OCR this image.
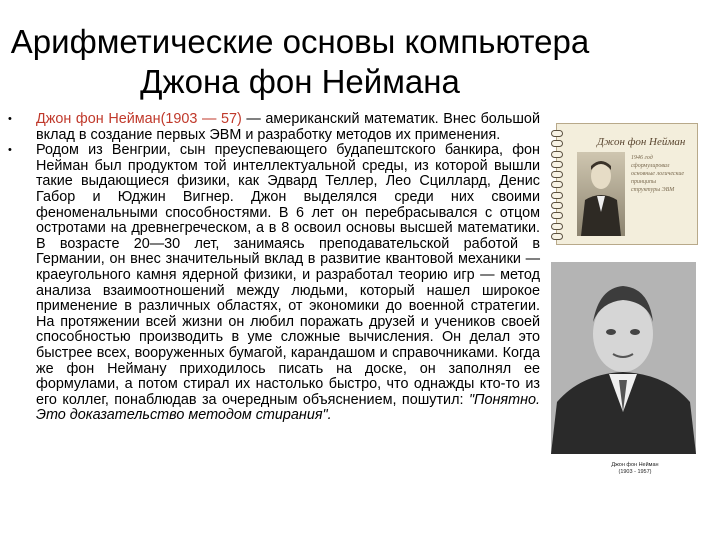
Арифметические основы компьютера Джона фон Неймана
• Джон фон Нейман(1903 — 57) — американский математик. Внес большой вклад в создание первых ЭВМ и разработку методов их применения.
• Родом из Венгрии, сын преуспевающего будапештского банкира, фон Нейман был продуктом той интеллектуальной среды, из которой вышли такие выдающиеся физики, как Эдвард Теллер, Лео Сциллард, Денис Габор и Юджин Вигнер. Джон выделялся среди них своими феноменальными способностями. В 6 лет он перебрасывался с отцом остротами на древнегреческом, а в 8 освоил основы высшей математики. В возрасте 20—30 лет, занимаясь преподавательской работой в Германии, он внес значительный вклад в развитие квантовой механики — краеугольного камня ядерной физики, и разработал теорию игр — метод анализа взаимоотношений между людьми, который нашел широкое применение в различных областях, от экономики до военной стратегии. На протяжении всей жизни он любил поражать друзей и учеников своей способностью производить в уме сложные вычисления. Он делал это быстрее всех, вооруженных бумагой, карандашом и справочниками. Когда же фон Нейману приходилось писать на доске, он заполнял ее формулами, а потом стирал их настолько быстро, что однажды кто-то из его коллег, понаблюдав за очередным объяснением, пошутил: "Понятно. Это доказательство методом стирания".
Джон фон Нейман
1946 год
сформулировал
основные логические
принципы
структуры ЭВМ
Джон фон Нейман
(1903 - 1957)
